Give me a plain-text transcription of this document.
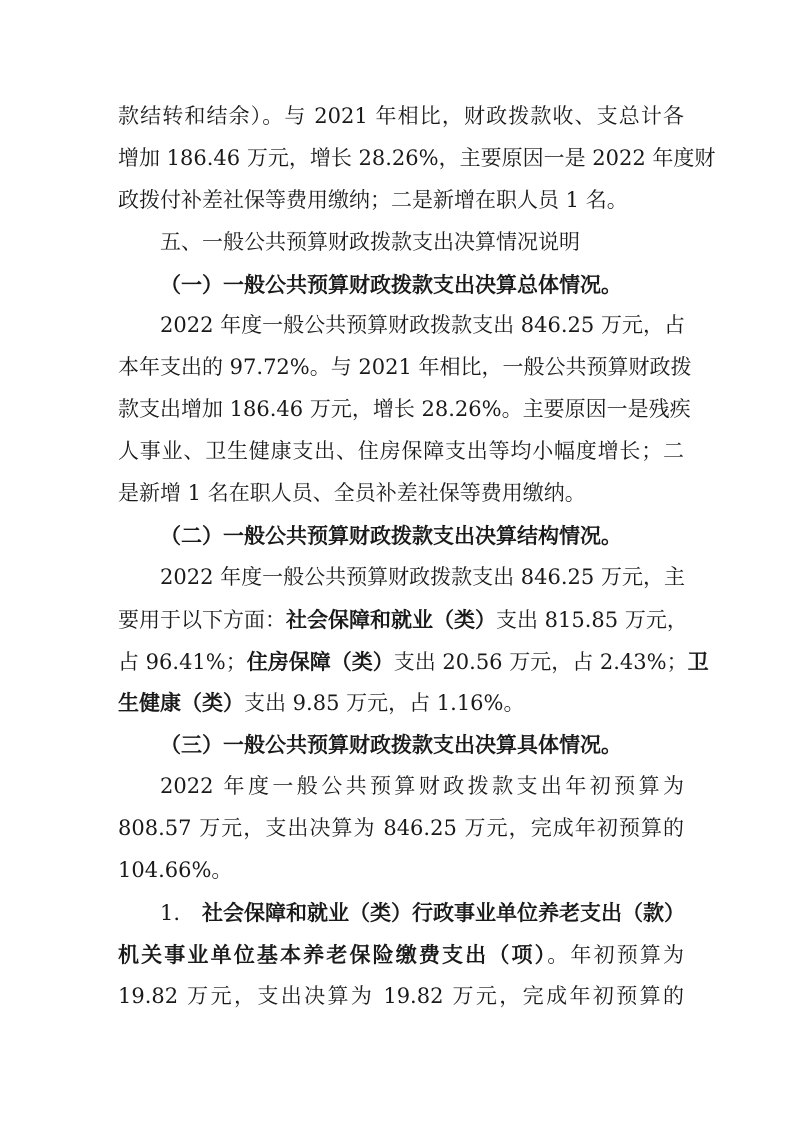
款结转和结余）。与 2021 年相比，财政拨款收、支总计各
增加 186.46 万元，增长 28.26%，主要原因一是 2022 年度财
政拨付补差社保等费用缴纳；二是新增在职人员 1 名。
五、一般公共预算财政拨款支出决算情况说明
（一）一般公共预算财政拨款支出决算总体情况。
2022 年度一般公共预算财政拨款支出 846.25 万元，占
本年支出的 97.72%。与 2021 年相比，一般公共预算财政拨
款支出增加 186.46 万元，增长 28.26%。主要原因一是残疾
人事业、卫生健康支出、住房保障支出等均小幅度增长；二
是新增 1 名在职人员、全员补差社保等费用缴纳。
（二）一般公共预算财政拨款支出决算结构情况。
2022 年度一般公共预算财政拨款支出 846.25 万元，主
要用于以下方面：社会保障和就业（类）支出 815.85 万元，
占 96.41%；住房保障（类）支出 20.56 万元，占 2.43%；卫
生健康（类）支出 9.85 万元，占 1.16%。
（三）一般公共预算财政拨款支出决算具体情况。
2022 年度一般公共预算财政拨款支出年初预算为
808.57 万元，支出决算为 846.25 万元，完成年初预算的
104.66%。
1. 社会保障和就业（类）行政事业单位养老支出（款）
机关事业单位基本养老保险缴费支出（项）。年初预算为
19.82 万元，支出决算为 19.82 万元，完成年初预算的
